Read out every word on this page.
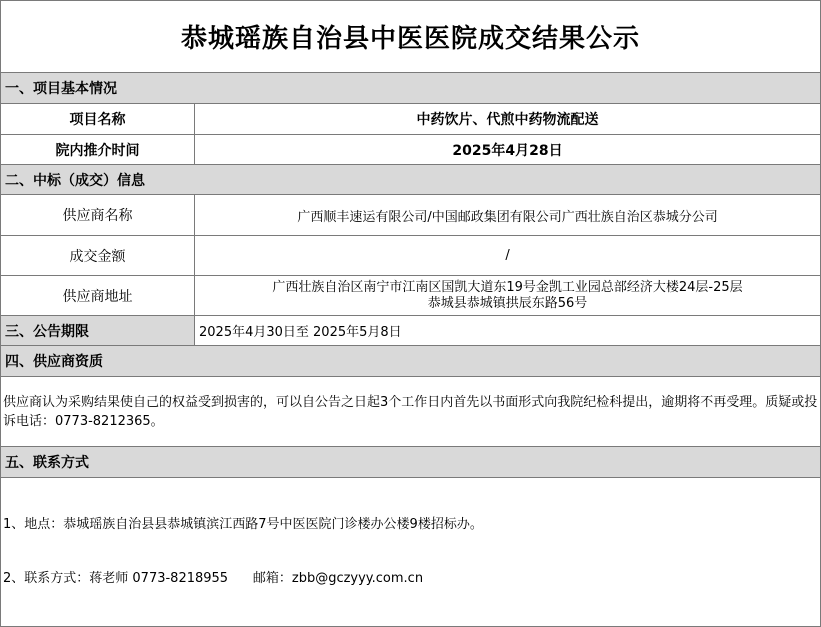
恭城瑶族自治县中医医院成交结果公示	
一、项目基本情况	
项目名称	中药饮片、代煎中药物流配送
院内推介时间	2025年4月28日
二、中标（成交）信息	
供应商名称	广西顺丰速运有限公司/中国邮政集团有限公司广西壮族自治区恭城分公司
成交金额	/
供应商地址	广西壮族自治区南宁市江南区国凯大道东19号金凯工业园总部经济大楼24层-25层
恭城县恭城镇拱辰东路56号

三、公告期限	2025年4月30日至 2025年5月8日
四、供应商资质	
供应商认为采购结果使自己的权益受到损害的，可以自公告之日起3个工作日内首先以书面形式向我院纪检科提出，逾期将不再受理。质疑或投诉电话：0773-8212365。	
五、联系方式	

1、地点：恭城瑶族自治县县恭城镇滨江西路7号中医医院门诊楼办公楼9楼招标办。

2、联系方式：蒋老师 0773-8218955      邮箱：zbb@gczyyy.com.cn	
